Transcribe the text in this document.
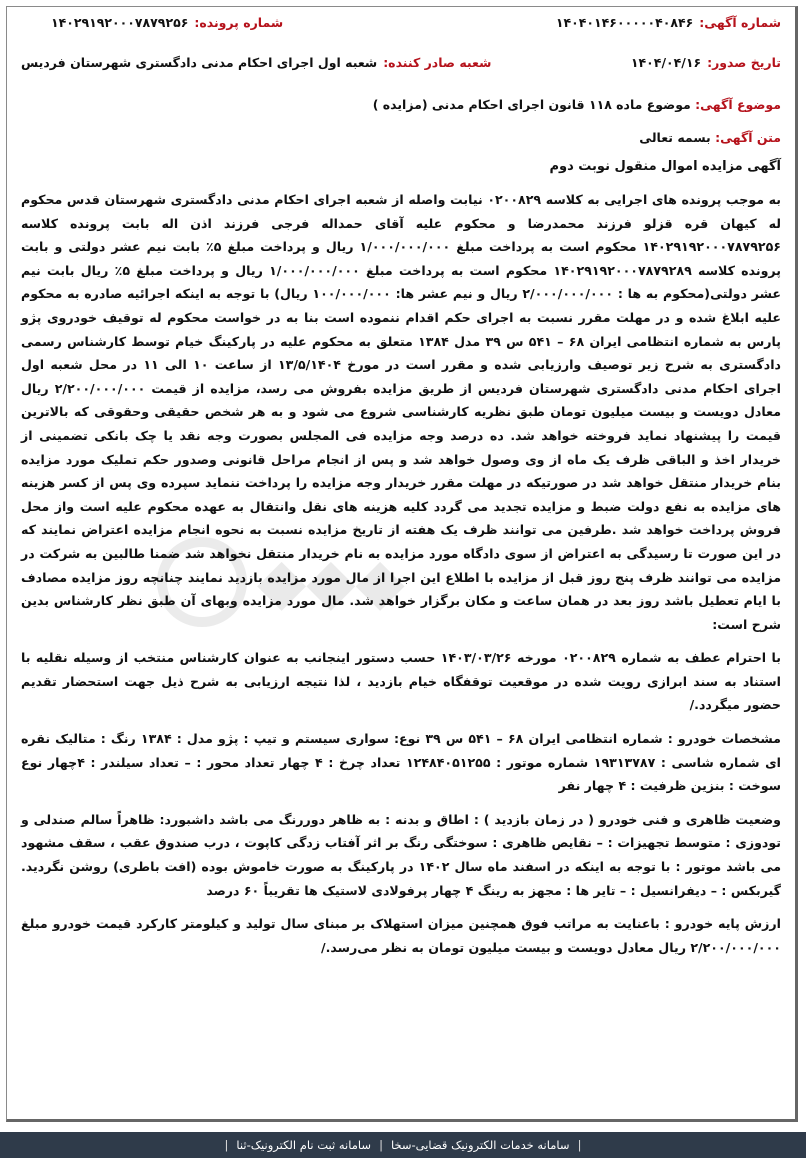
شماره آگهی:
۱۴۰۴۰۱۴۶۰۰۰۰۰۴۰۸۴۶
شماره پرونده:
۱۴۰۲۹۱۹۲۰۰۰۷۸۷۹۲۵۶
تاریخ صدور:
۱۴۰۴/۰۴/۱۶
شعبه صادر کننده:
شعبه اول اجرای احکام مدنی دادگستری شهرستان فردیس
موضوع آگهی: موضوع ماده ۱۱۸ قانون اجرای احکام مدنی (مزایده )
متن آگهی: بسمه تعالی
آگهی مزایده اموال منقول نوبت دوم
به موجب پرونده های اجرایی به کلاسه ۰۲۰۰۸۲۹ نیابت واصله از شعبه اجرای احکام مدنی دادگستری شهرستان قدس محکوم له کیهان قره قزلو فرزند محمدرضا و محکوم علیه آقای حمداله فرجی فرزند اذن اله بابت پرونده کلاسه ۱۴۰۲۹۱۹۲۰۰۰۷۸۷۹۲۵۶ محکوم است به پرداخت مبلغ ۱/۰۰۰/۰۰۰/۰۰۰ ریال و پرداخت مبلغ ۵٪ بابت نیم عشر دولتی و بابت پرونده کلاسه ۱۴۰۲۹۱۹۲۰۰۰۷۸۷۹۲۸۹ محکوم است به پرداخت مبلغ ۱/۰۰۰/۰۰۰/۰۰۰ ریال و پرداخت مبلغ ۵٪ ریال بابت نیم عشر دولتی(محکوم به ها : ۲/۰۰۰/۰۰۰/۰۰۰ ریال و نیم عشر ها: ۱۰۰/۰۰۰/۰۰۰ ریال) با توجه به اینکه اجرائیه صادره به محکوم علیه ابلاغ شده و در مهلت مقرر نسبت به اجرای حکم اقدام ننموده است بنا به در خواست محکوم له توقیف خودروی پژو پارس به شماره انتظامی ایران ۶۸ – ۵۴۱ س ۳۹ مدل ۱۳۸۴ متعلق به محکوم علیه در پارکینگ خیام توسط کارشناس رسمی دادگستری به شرح زیر توصیف وارزیابی شده و مقرر است در مورخ ۱۳/۵/۱۴۰۴ از ساعت ۱۰ الی ۱۱ در محل شعبه اول اجرای احکام مدنی دادگستری شهرستان فردیس از طریق مزایده بفروش می رسد، مزایده از قیمت ۲/۲۰۰/۰۰۰/۰۰۰ ریال معادل دویست و بیست میلیون تومان طبق نظریه کارشناسی شروع می شود و به هر شخص حقیقی وحقوقی که بالاترین قیمت را پیشنهاد نماید فروخته خواهد شد. ده درصد وجه مزایده فی المجلس بصورت وجه نقد یا چک بانکی تضمینی از خریدار اخذ و الباقی ظرف یک ماه از وی وصول خواهد شد و پس از انجام مراحل قانونی وصدور حکم تملیک مورد مزایده بنام خریدار منتقل خواهد شد در صورتیکه در مهلت مقرر خریدار وجه مزایده را پرداخت ننماید سپرده وی پس از کسر هزینه های مزایده به نفع دولت ضبط و مزایده تجدید می گردد کلیه هزینه های نقل وانتقال به عهده محکوم علیه است واز محل فروش پرداخت خواهد شد .طرفین می توانند ظرف یک هفته از تاریخ مزایده نسبت به نحوه انجام مزایده اعتراض نمایند که در این صورت تا رسیدگی به اعتراض از سوی دادگاه مورد مزایده به نام خریدار منتقل نخواهد شد ضمنا طالبین به شرکت در مزایده می توانند ظرف پنج روز قبل از مزایده با اطلاع این اجرا از مال مورد مزایده بازدید نمایند چنانچه روز مزایده مصادف با ایام تعطیل باشد روز بعد در همان ساعت و مکان برگزار خواهد شد. مال مورد مزایده وبهای آن طبق نظر کارشناس بدین شرح است:
با احترام عطف به شماره ۰۲۰۰۸۲۹ مورخه ۱۴۰۳/۰۳/۲۶ حسب دستور اینجانب به عنوان کارشناس منتخب از وسیله نقلیه با استناد به سند ابرازی رویت شده در موقعیت توقفگاه خیام بازدید ، لذا نتیجه ارزیابی به شرح ذیل جهت استحضار تقدیم حضور میگردد./
مشخصات خودرو : شماره انتظامی ایران ۶۸ – ۵۴۱ س ۳۹ نوع: سواری سیستم و تیپ : پژو مدل : ۱۳۸۴ رنگ : متالیک نقره ای شماره شاسی : ۱۹۳۱۳۷۸۷ شماره موتور : ۱۲۴۸۴۰۵۱۲۵۵ تعداد چرخ : ۴ چهار تعداد محور : – تعداد سیلندر : ۴چهار نوع سوخت : بنزین ظرفیت : ۴ چهار نفر
وضعیت ظاهری و فنی خودرو ( در زمان بازدید ) : اطاق و بدنه : به ظاهر دوررنگ می باشد داشبورد: ظاهراً سالم صندلی و تودوزی : متوسط تجهیزات : – نقایص ظاهری : سوختگی رنگ بر اثر آفتاب زدگی کاپوت ، درب صندوق عقب ، سقف مشهود می باشد موتور : با توجه به اینکه در اسفند ماه سال ۱۴۰۲ در پارکینگ به صورت خاموش بوده (افت باطری) روشن نگردید. گیربکس : – دیفرانسیل : – تایر ها : مجهز به رینگ ۴ چهار پرفولادی لاستیک ها تقریباً ۶۰ درصد
ارزش پایه خودرو : باعنایت به مراتب فوق همچنین میزان استهلاک بر مبنای سال تولید و کیلومتر کارکرد قیمت خودرو مبلغ ۲/۲۰۰/۰۰۰/۰۰۰ ریال معادل دویست و بیست میلیون تومان به نظر می‌رسد./
◆◆◆
|
سامانه خدمات الکترونیک قضایی-سخا
|
سامانه ثبت نام الکترونیک-ثنا
|
